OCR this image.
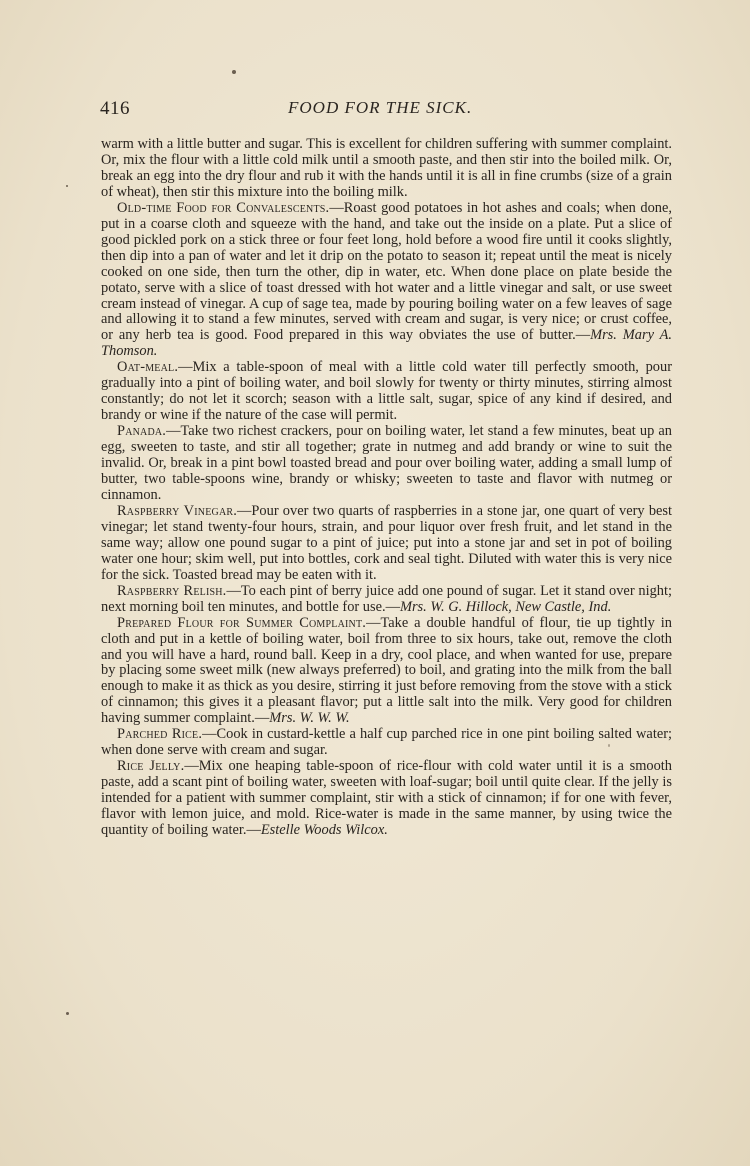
416	FOOD FOR THE SICK.

warm with a little butter and sugar. This is excellent for children suffering with summer complaint. Or, mix the flour with a little cold milk until a smooth paste, and then stir into the boiled milk. Or, break an egg into the dry flour and rub it with the hands until it is all in fine crumbs (size of a grain of wheat), then stir this mixture into the boiling milk.

Old-time Food for Convalescents.—Roast good potatoes in hot ashes and coals; when done, put in a coarse cloth and squeeze with the hand, and take out the inside on a plate. Put a slice of good pickled pork on a stick three or four feet long, hold before a wood fire until it cooks slightly, then dip into a pan of water and let it drip on the potato to season it; repeat until the meat is nicely cooked on one side, then turn the other, dip in water, etc. When done place on plate beside the potato, serve with a slice of toast dressed with hot water and a little vinegar and salt, or use sweet cream instead of vinegar. A cup of sage tea, made by pouring boiling water on a few leaves of sage and allowing it to stand a few minutes, served with cream and sugar, is very nice; or crust coffee, or any herb tea is good. Food prepared in this way obviates the use of butter.—Mrs. Mary A. Thomson.

Oat-meal.—Mix a table-spoon of meal with a little cold water till perfectly smooth, pour gradually into a pint of boiling water, and boil slowly for twenty or thirty minutes, stirring almost constantly; do not let it scorch; season with a little salt, sugar, spice of any kind if desired, and brandy or wine if the nature of the case will permit.

Panada.—Take two richest crackers, pour on boiling water, let stand a few minutes, beat up an egg, sweeten to taste, and stir all together; grate in nutmeg and add brandy or wine to suit the invalid. Or, break in a pint bowl toasted bread and pour over boiling water, adding a small lump of butter, two table-spoons wine, brandy or whisky; sweeten to taste and flavor with nutmeg or cinnamon.

Raspberry Vinegar.—Pour over two quarts of raspberries in a stone jar, one quart of very best vinegar; let stand twenty-four hours, strain, and pour liquor over fresh fruit, and let stand in the same way; allow one pound sugar to a pint of juice; put into a stone jar and set in pot of boiling water one hour; skim well, put into bottles, cork and seal tight. Diluted with water this is very nice for the sick. Toasted bread may be eaten with it.

Raspberry Relish.—To each pint of berry juice add one pound of sugar. Let it stand over night; next morning boil ten minutes, and bottle for use.—Mrs. W. G. Hillock, New Castle, Ind.

Prepared Flour for Summer Complaint.—Take a double handful of flour, tie up tightly in cloth and put in a kettle of boiling water, boil from three to six hours, take out, remove the cloth and you will have a hard, round ball. Keep in a dry, cool place, and when wanted for use, prepare by placing some sweet milk (new always preferred) to boil, and grating into the milk from the ball enough to make it as thick as you desire, stirring it just before removing from the stove with a stick of cinnamon; this gives it a pleasant flavor; put a little salt into the milk. Very good for children having summer complaint.—Mrs. W. W. W.

Parched Rice.—Cook in custard-kettle a half cup parched rice in one pint boiling salted water; when done serve with cream and sugar.

Rice Jelly.—Mix one heaping table-spoon of rice-flour with cold water until it is a smooth paste, add a scant pint of boiling water, sweeten with loaf-sugar; boil until quite clear. If the jelly is intended for a patient with summer complaint, stir with a stick of cinnamon; if for one with fever, flavor with lemon juice, and mold. Rice-water is made in the same manner, by using twice the quantity of boiling water.—Estelle Woods Wilcox.
